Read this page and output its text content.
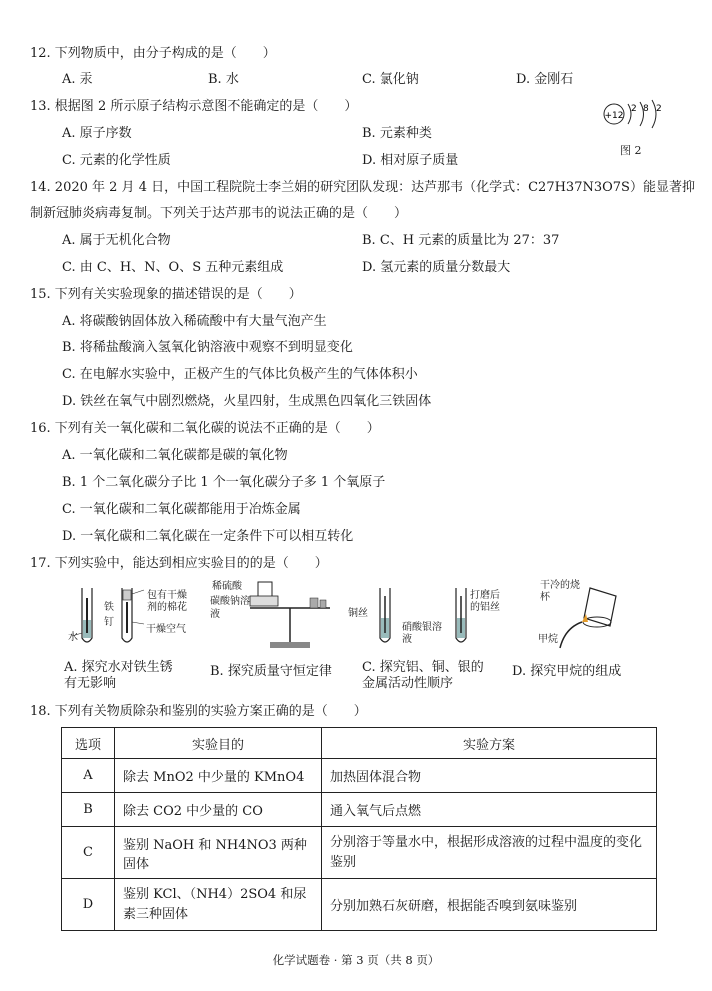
12. 下列物质中，由分子构成的是（　　）
A. 汞	B. 水	C. 氯化钠	D. 金刚石
13. 根据图 2 所示原子结构示意图不能确定的是（　　）
A. 原子序数	B. 元素种类
C. 元素的化学性质	D. 相对原子质量
+12
2 8 2
图 2
14. 2020 年 2 月 4 日，中国工程院院士李兰娟的研究团队发现：达芦那韦（化学式：C27H37N3O7S）能显著抑
制新冠肺炎病毒复制。下列关于达芦那韦的说法正确的是（　　）
A. 属于无机化合物	B. C、H 元素的质量比为 27：37
C. 由 C、H、N、O、S 五种元素组成	D. 氢元素的质量分数最大
15. 下列有关实验现象的描述错误的是（　　）
A. 将碳酸钠固体放入稀硫酸中有大量气泡产生
B. 将稀盐酸滴入氢氧化钠溶液中观察不到明显变化
C. 在电解水实验中，正极产生的气体比负极产生的气体体积小
D. 铁丝在氧气中剧烈燃烧，火星四射，生成黑色四氧化三铁固体
16. 下列有关一氧化碳和二氧化碳的说法不正确的是（　　）
A. 一氧化碳和二氧化碳都是碳的氧化物
B. 1 个二氧化碳分子比 1 个一氧化碳分子多 1 个氧原子
C. 一氧化碳和二氧化碳都能用于冶炼金属
D. 一氧化碳和二氧化碳在一定条件下可以相互转化
17. 下列实验中，能达到相应实验目的的是（　　）
水
铁钉
包有干燥剂的棉花
干燥空气
稀硫酸
碳酸钠溶液	铜丝
硝酸银溶液
打磨后的铝丝
干冷的烧杯
甲烷
A. 探究水对铁生锈有无影响
B. 探究质量守恒定律 C. 探究铝、铜、银的金属活动性顺序
D. 探究甲烷的组成
18. 下列有关物质除杂和鉴别的实验方案正确的是（　　）
选项	实验目的	实验方案
A	除去 MnO2 中少量的 KMnO4	加热固体混合物
B	除去 CO2 中少量的 CO	通入氧气后点燃
C	鉴别 NaOH 和 NH4NO3 两种固体	分别溶于等量水中，根据形成溶液的过程中温度的变化鉴别
D	鉴别 KCl、（NH4）2SO4 和尿素三种固体	分别加熟石灰研磨，根据能否嗅到氨味鉴别
化学试题卷 · 第 3 页（共 8 页）
